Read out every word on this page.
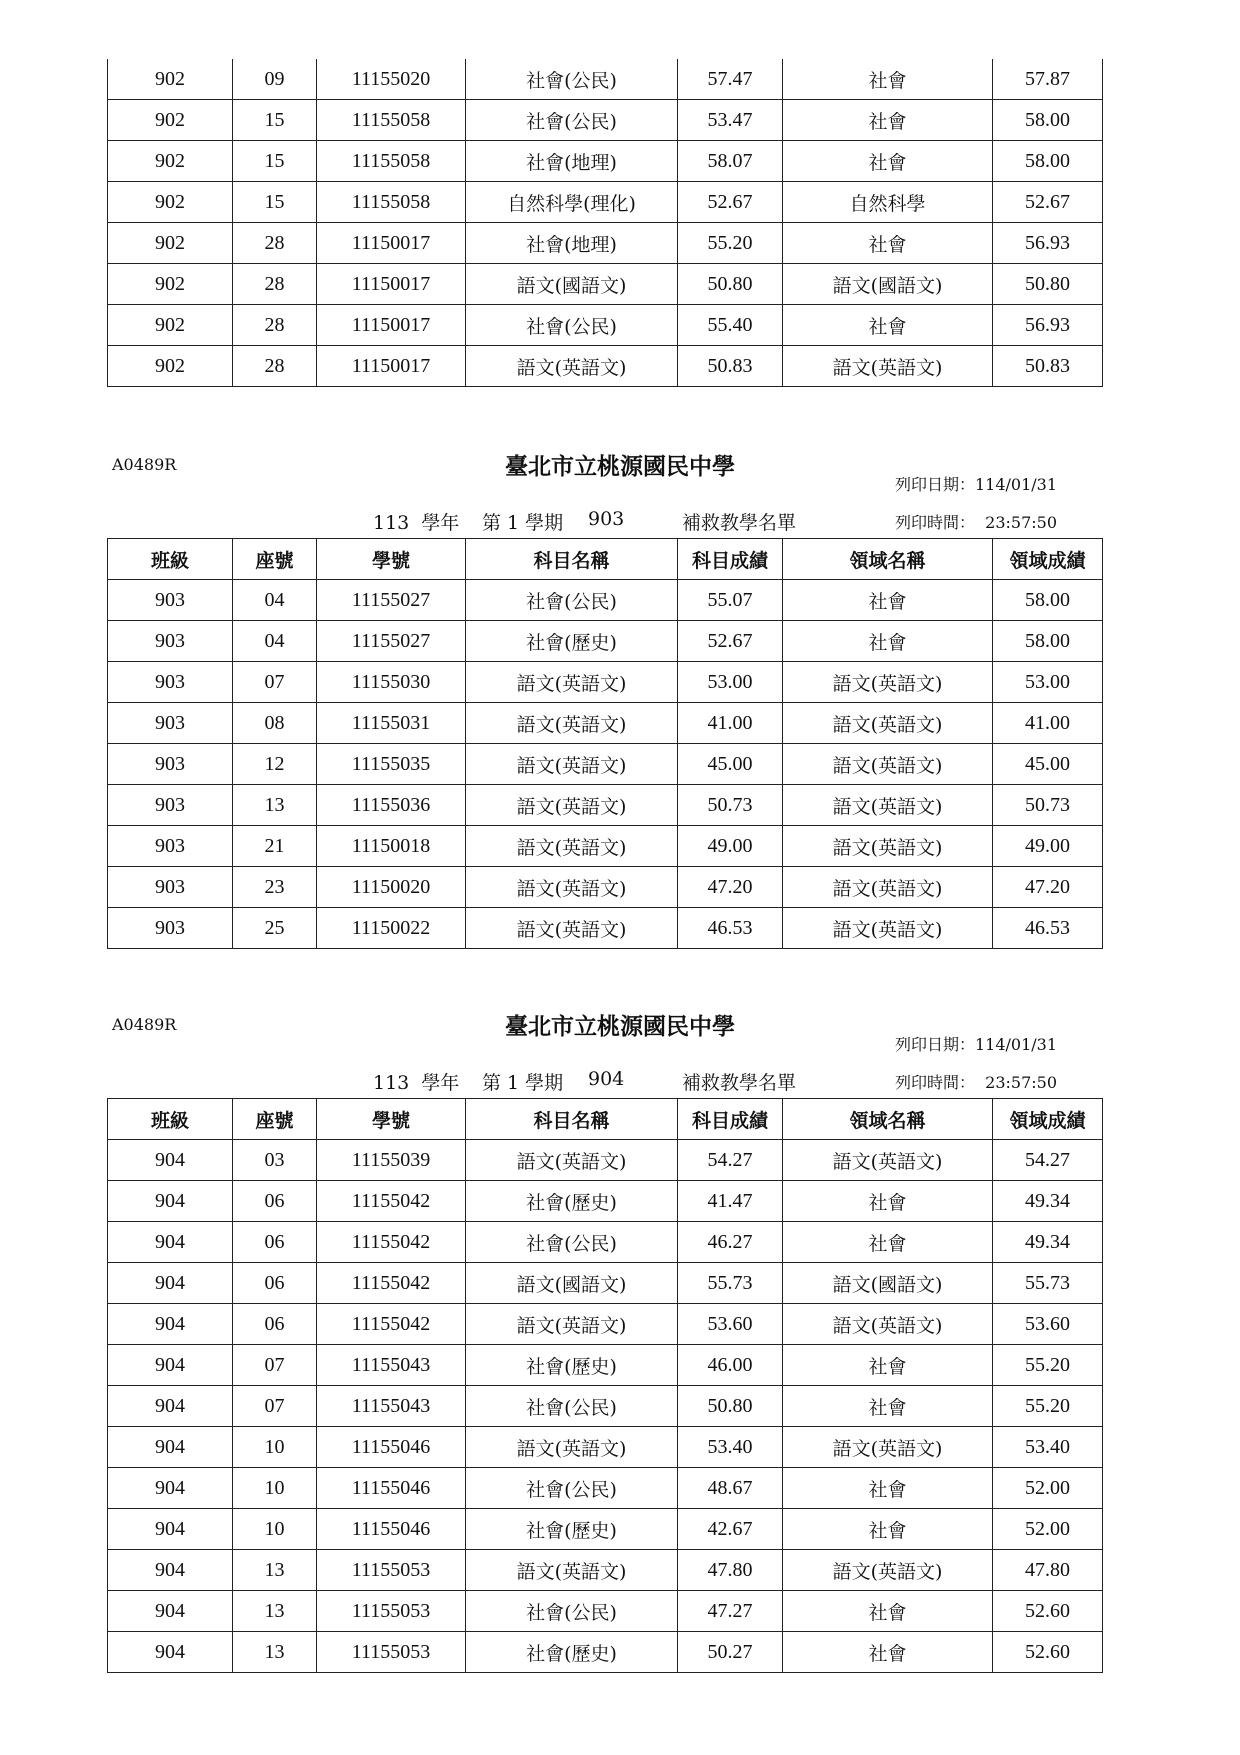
902	09	11155020	社會(公民)	57.47	社會	57.87
902	15	11155058	社會(公民)	53.47	社會	58.00
902	15	11155058	社會(地理)	58.07	社會	58.00
902	15	11155058	自然科學(理化)	52.67	自然科學	52.67
902	28	11150017	社會(地理)	55.20	社會	56.93
902	28	11150017	語文(國語文)	50.80	語文(國語文)	50.80
902	28	11150017	社會(公民)	55.40	社會	56.93
902	28	11150017	語文(英語文)	50.83	語文(英語文)	50.83
A0489R	臺北市立桃源國民中學
列印日期：114/01/31
113  學年 第 1 學期 903	補救教學名單	列印時間：  23:57:50
班級	座號	學號	科目名稱	科目成績	領域名稱	領域成績
903	04	11155027	社會(公民)	55.07	社會	58.00
903	04	11155027	社會(歷史)	52.67	社會	58.00
903	07	11155030	語文(英語文)	53.00	語文(英語文)	53.00
903	08	11155031	語文(英語文)	41.00	語文(英語文)	41.00
903	12	11155035	語文(英語文)	45.00	語文(英語文)	45.00
903	13	11155036	語文(英語文)	50.73	語文(英語文)	50.73
903	21	11150018	語文(英語文)	49.00	語文(英語文)	49.00
903	23	11150020	語文(英語文)	47.20	語文(英語文)	47.20
903	25	11150022	語文(英語文)	46.53	語文(英語文)	46.53
A0489R	臺北市立桃源國民中學
列印日期：114/01/31
113  學年 第 1 學期 904	補救教學名單	列印時間：  23:57:50
班級	座號	學號	科目名稱	科目成績	領域名稱	領域成績
904	03	11155039	語文(英語文)	54.27	語文(英語文)	54.27
904	06	11155042	社會(歷史)	41.47	社會	49.34
904	06	11155042	社會(公民)	46.27	社會	49.34
904	06	11155042	語文(國語文)	55.73	語文(國語文)	55.73
904	06	11155042	語文(英語文)	53.60	語文(英語文)	53.60
904	07	11155043	社會(歷史)	46.00	社會	55.20
904	07	11155043	社會(公民)	50.80	社會	55.20
904	10	11155046	語文(英語文)	53.40	語文(英語文)	53.40
904	10	11155046	社會(公民)	48.67	社會	52.00
904	10	11155046	社會(歷史)	42.67	社會	52.00
904	13	11155053	語文(英語文)	47.80	語文(英語文)	47.80
904	13	11155053	社會(公民)	47.27	社會	52.60
904	13	11155053	社會(歷史)	50.27	社會	52.60
